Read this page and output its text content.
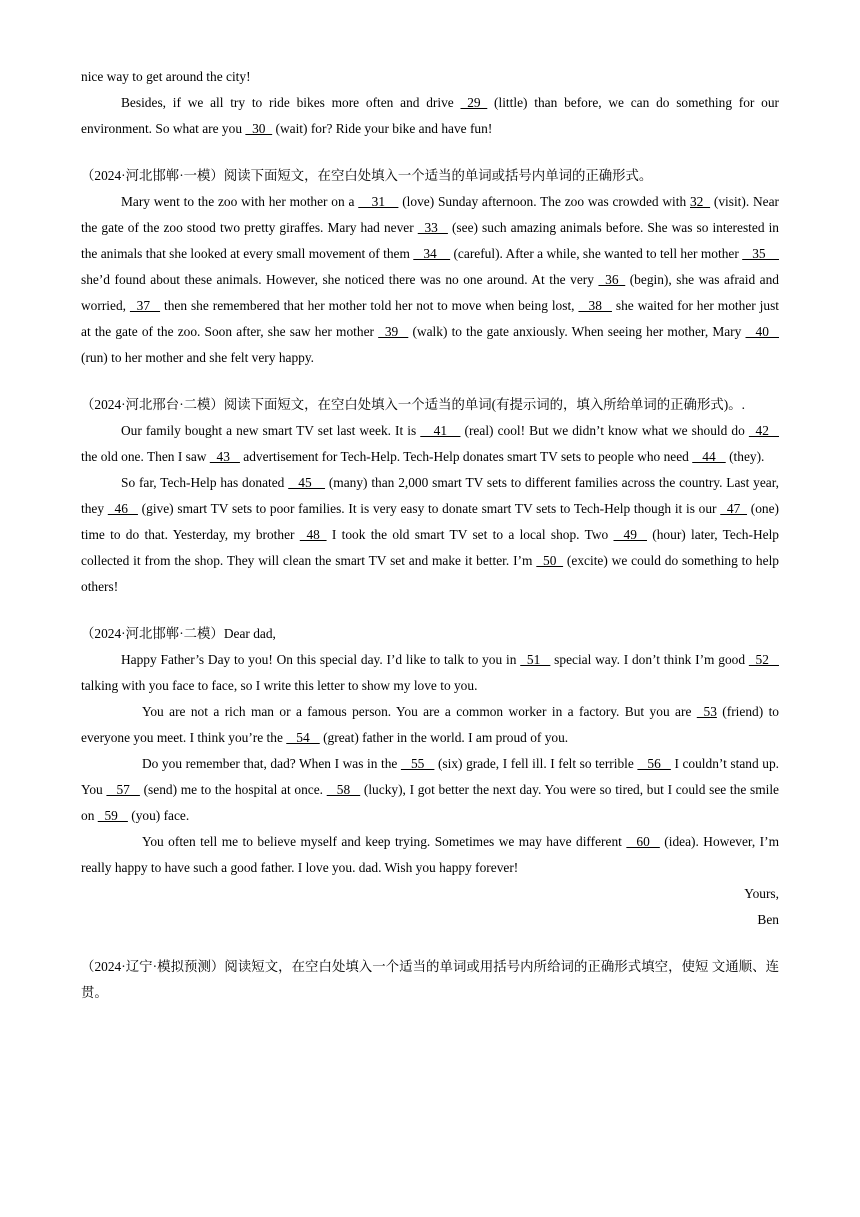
nice way to get around the city!

Besides, if we all try to ride bikes more often and drive   29   (little) than before, we can do something for our environment. So what are you   30   (wait) for? Ride your bike and have fun!

（2024·河北邯郸·一模）阅读下面短文，在空白处填入一个适当的单词或括号内单词的正确形式。

Mary went to the zoo with her mother on a     31     (love) Sunday afternoon. The zoo was crowded with 32   (visit). Near the gate of the zoo stood two pretty giraffes. Mary had never   33    (see) such amazing animals before. She was so interested in the animals that she looked at every small movement of them    34     (careful). After a while, she wanted to tell her mother    35     she’d found about these animals. However, she noticed there was no one around. At the very   36   (begin), she was afraid and worried,   37    then she remembered that her mother told her not to move when being lost,    38    she waited for her mother just at the gate of the zoo. Soon after, she saw her mother   39    (walk) to the gate anxiously. When seeing her mother, Mary    40    (run) to her mother and she felt very happy.

（2024·河北邢台·二模）阅读下面短文，在空白处填入一个适当的单词(有提示词的，填入所给单词的正确形式)。.

Our family bought a new smart TV set last week. It is     41     (real) cool! But we didn’t know what we should do   42    the old one. Then I saw   43    advertisement for Tech-Help. Tech-Help donates smart TV sets to people who need    44    (they).

So far, Tech-Help has donated    45     (many) than 2,000 smart TV sets to different families across the country. Last year, they   46    (give) smart TV sets to poor families. It is very easy to donate smart TV sets to Tech-Help though it is our   47   (one) time to do that. Yesterday, my brother   48   I took the old smart TV set to a local shop. Two    49    (hour) later, Tech-Help collected it from the shop. They will clean the smart TV set and make it better. I’m   50   (excite) we could do something to help others!

（2024·河北邯郸·二模）Dear dad,

Happy Father’s Day to you! On this special day. I’d like to talk to you in   51    special way. I don’t think I’m good   52    talking with you face to face, so I write this letter to show my love to you.

You are not a rich man or a famous person. You are a common worker in a factory. But you are   53 (friend) to everyone you meet. I think you’re the    54    (great) father in the world. I am proud of you.

Do you remember that, dad? When I was in the    55    (six) grade, I fell ill. I felt so terrible    56    I couldn’t stand up. You    57    (send) me to the hospital at once.    58    (lucky), I got better the next day. You were so tired, but I could see the smile on   59    (you) face.

You often tell me to believe myself and keep trying. Sometimes we may have different    60    (idea). However, I’m really happy to have such a good father. I love you. dad. Wish you happy forever!

Yours,

Ben

（2024·辽宁·模拟预测）阅读短文，在空白处填入一个适当的单词或用括号内所给词的正确形式填空，使短 文通顺、连贯。
